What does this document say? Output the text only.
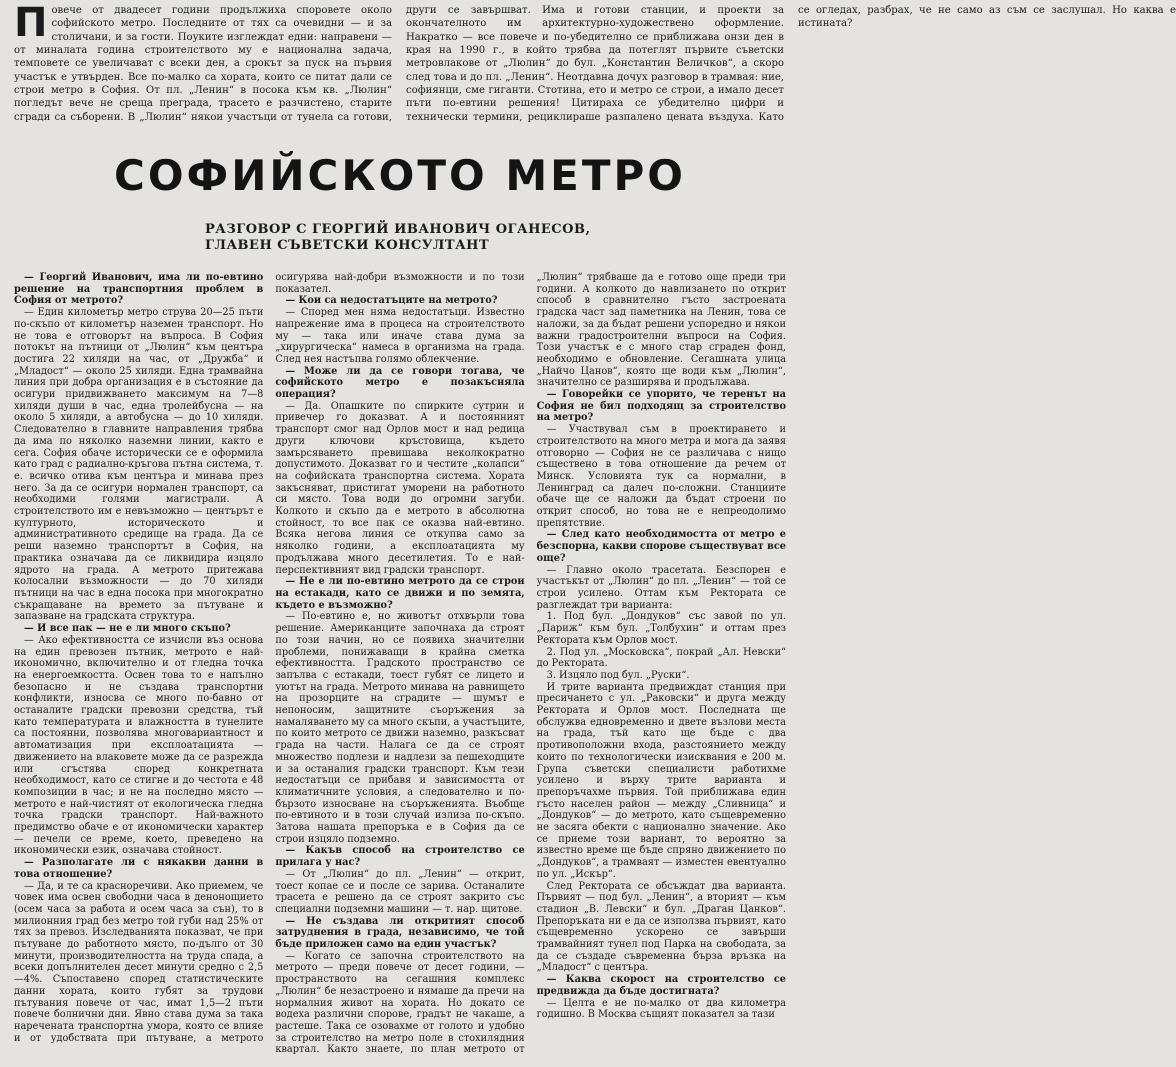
Повече от двадесет години продължиха споровете около софийското метро. Последните от тях са очевидни — и за столичани, и за гости. Поуките изглеждат едни: направени — от миналата година строителството му е национална задача, темповете се увеличават с всеки ден, а срокът за пуск на първия участък е утвърден. Все по-малко са хората, които се питат дали се строи метро в София. От пл. „Ленин“ в посока към кв. „Люлин“ погледът вече не среща преграда, трасето е разчистено, старите сгради са съборени. В „Люлин“ някои участъци от тунела са готови, други се завършват. Има и готови станции, и проекти за окончателното им архитектурно-художествено оформление. Накратко — все повече и по-убедително се приближава онзи ден в края на 1990 г., в който трябва да потеглят първите съветски метровлакове от „Люлин“ до бул. „Константин Величков“, а скоро след това и до пл. „Ленин“. Неотдавна дочух разговор в трамвая: ние, софиянци, сме гиганти. Стотина, ето и метро се строи, а имало десет пъти по-евтини решения! Цитираха се убедително цифри и технически термини, рециклираше разпалено цената въздуха. Като се огледах, разбрах, че не само аз съм се заслушал. Но каква е истината?

СОФИЙСКОТО МЕТРО
РАЗГОВОР С ГЕОРГИЙ ИВАНОВИЧ ОГАНЕСОВ,
ГЛАВЕН СЪВЕТСКИ КОНСУЛТАНТ

— Георгий Иванович, има ли по-евтино решение на транспортния проблем в София от метрото?

— Един километър метро струва 20—25 пъти по-скъпо от километър наземен транспорт. Но не това е отговорът на въпроса. В София потокът на пътници от „Люлин“ към центъра достига 22 хиляди на час, от „Дружба“ и „Младост“ — около 25 хиляди. Една трамвайна линия при добра организация е в състояние да осигури придвижването максимум на 7—8 хиляди души в час, една тролейбусна — на около 5 хиляди, а автобусна — до 10 хиляди. Следователно в главните направления трябва да има по няколко наземни линии, както е сега. София обаче исторически се е оформила като град с радиално-кръгова пътна система, т. е. всичко отива към центъра и минава през него. За да се осигури нормален транспорт, са необходими голями магистрали. А строителството им е невъзможно — центърът е културното, историческото и административното средище на града. Да се реши наземно транспортът в София, на практика означава да се ликвидира изцяло ядрото на града. А метрото притежава колосални възможности — до 70 хиляди пътници на час в една посока при многократно съкращаване на времето за пътуване и запазване на градската структура.

— И все пак — не е ли много скъпо?

— Ако ефективността се изчисли въз основа на един превозен пътник, метрото е най-икономично, включително и от гледна точка на енергоемкостта. Освен това то е напълно безопасно и не създава транспортни конфликти, износва се много по-бавно от останалите градски превозни средства, тъй като температурата и влажността в тунелите са постоянни, позволява многовариантност и автоматизация при експлоатацията — движението на влаковете може да се разрежда или сгъстява според конкретната необходимост, като се стигне и до честота е 48 композиции в час; и не на последно място — метрото е най-чистият от екологическа гледна точка градски транспорт. Най-важното предимство обаче е от икономически характер — печели се време, което, преведено на икономически език, означава стойност.

— Разполагате ли с някакви данни в това отношение?

— Да, и те са красноречиви. Ако приемем, че човек има освен свободни часа в денонощието (осем часа за работа и осем часа за сън), то в милионния град без метро той губи над 25% от тях за превоз. Изследванията показват, че при пътуване до работното място, по-дълго от 30 минути, производителността на труда спада, а всеки допълнителен десет минути средно с 2,5—4%. Съпоставено според статистическите данни хората, които губят за трудови пътувания повече от час, имат 1,5—2 пъти повече болнични дни. Явно става дума за така наречената транспортна умора, която се влияе и от удобствата при пътуване, а метрото осигурява най-добри възможности и по този показател.

— Кои са недостатъците на метрото?

— Според мен няма недостатъци. Известно напрежение има в процеса на строителството му — така или иначе става дума за „хирургическа“ намеса в организма на града. След нея настъпва голямо облекчение.

— Може ли да се говори тогава, че софийското метро е позакъсняла операция?

— Да. Опашките по спирките сутрин и привечер го доказват. А и постоянният транспорт смог над Орлов мост и над редица други ключови кръстовища, където замърсяването превишава неколкократно допустимото. Доказват го и честите „колапси“ на софийската транспортна система. Хората закъсняват, пристигат уморени на работното си място. Това води до огромни загуби. Колкото и скъпо да е метрото в абсолютна стойност, то все пак се оказва най-евтино. Всяка негова линия се откупва само за няколко години, а експлоатацията му продължава много десетилетия. То е най-перспективният вид градски транспорт.

— Не е ли по-евтино метрото да се строи на естакади, като се движи и по земята, където е възможно?

— По-евтино е, но животът отхвърли това решение. Американците започнаха да строят по този начин, но се появиха значителни проблеми, понижаващи в крайна сметка ефективността. Градското пространство се запълва с естакади, тоест губят се лицето и уютът на града. Метрото минава на равнището на прозорците на сградите — шумът е непоносим, защитните съоръжения за намаляването му са много скъпи, а участъците, по които метрото се движи наземно, разкъсват града на части. Налага се да се строят множество подлези и надлези за пешеходците и за останалия градски транспорт. Към тези недостатъци се прибавя и зависимостта от климатичните условия, а следователно и по-бързото износване на съоръженията. Въобще по-евтиното и в този случай излиза по-скъпо. Затова нашата препоръка е в София да се строи изцяло подземно.

— Какъв способ на строителство се прилага у нас?

— От „Люлин“ до пл. „Ленин“ — открит, тоест копае се и после се зарива. Останалите трасета е решено да се строят закрито със специални подземни машини — т. нар. щитове.

— Не създава ли откритият способ затруднения в града, независимо, че той бъде приложен само на един участък?

— Когато се започна строителството на метрото — преди повече от десет години, — пространството на сегашния комплекс „Люлин“ бе незастроено и нямаше да пречи на нормалния живот на хората. Но докато се водеха различни спорове, градът не чакаше, а растеше. Така се озовахме от голото и удобно за строителство на метро поле в стохилядния квартал. Както знаете, по план метрото от „Люлин“ трябваше да е готово още преди три години. А колкото до навлизането по открит способ в сравнително гъсто застроената градска част зад паметника на Ленин, това се наложи, за да бъдат решени успоредно и някои важни градостроителни въпроси на София. Този участък е с много стар сграден фонд, необходимо е обновление. Сегашната улица „Найчо Цанов“, която ще води към „Люлин“, значително се разширява и продължава.

— Говорейки се упорито, че теренът на София не бил подходящ за строителство на метро?

— Участвувал съм в проектирането и строителството на много метра и мога да заявя отговорно — София не се различава с нищо съществено в това отношение да речем от Минск. Условията тук са нормални, в Ленинград са далеч по-сложни. Станциите обаче ще се наложи да бъдат строени по открит способ, но това не е непреодолимо препятствие.

— След като необходимостта от метро е безспорна, какви спорове съществуват все още?

— Главно около трасетата. Безспорен е участъкът от „Люлин“ до пл. „Ленин“ — той се строи усилено. Оттам към Ректората се разглеждат три варианта:

1. Под бул. „Дондуков“ със завой по ул. „Париж“ към бул. „Толбухин“ и оттам през Ректората към Орлов мост.

2. Под ул. „Московска“, покрай „Ал. Невски“ до Ректората.

3. Изцяло под бул. „Руски“.

И трите варианта предвиждат станция при пресичането с ул. „Раковски“ и друга между Ректората и Орлов мост. Последната ще обслужва едновременно и двете възлови места на града, тъй като ще бъде с два противоположни входа, разстоянието между които по технологически изисквания е 200 м. Група съветски специалисти работихме усилено и върху трите варианта и препоръчахме първия. Той приближава един гъсто населен район — между „Сливница“ и „Дондуков“ — до метрото, като същевременно не засяга обекти с национално значение. Ако се приеме този вариант, то вероятно за известно време ще бъде спряно движението по „Дондуков“, а трамваят — изместен евентуално по ул. „Искър“.

След Ректората се обсъждат два варианта. Първият — под бул. „Ленин“, а вторият — към стадион „В. Левски“ и бул. „Драган Цанков“. Препоръката ни е да се използва първият, като същевременно ускорено се завърши трамвайният тунел под Парка на свободата, за да се създаде съвременна бърза връзка на „Младост“ с центъра.

— Каква скорост на строителство се предвижда да бъде достигната?

— Целта е не по-малко от два километра годишно. В Москва същият показател за тази
